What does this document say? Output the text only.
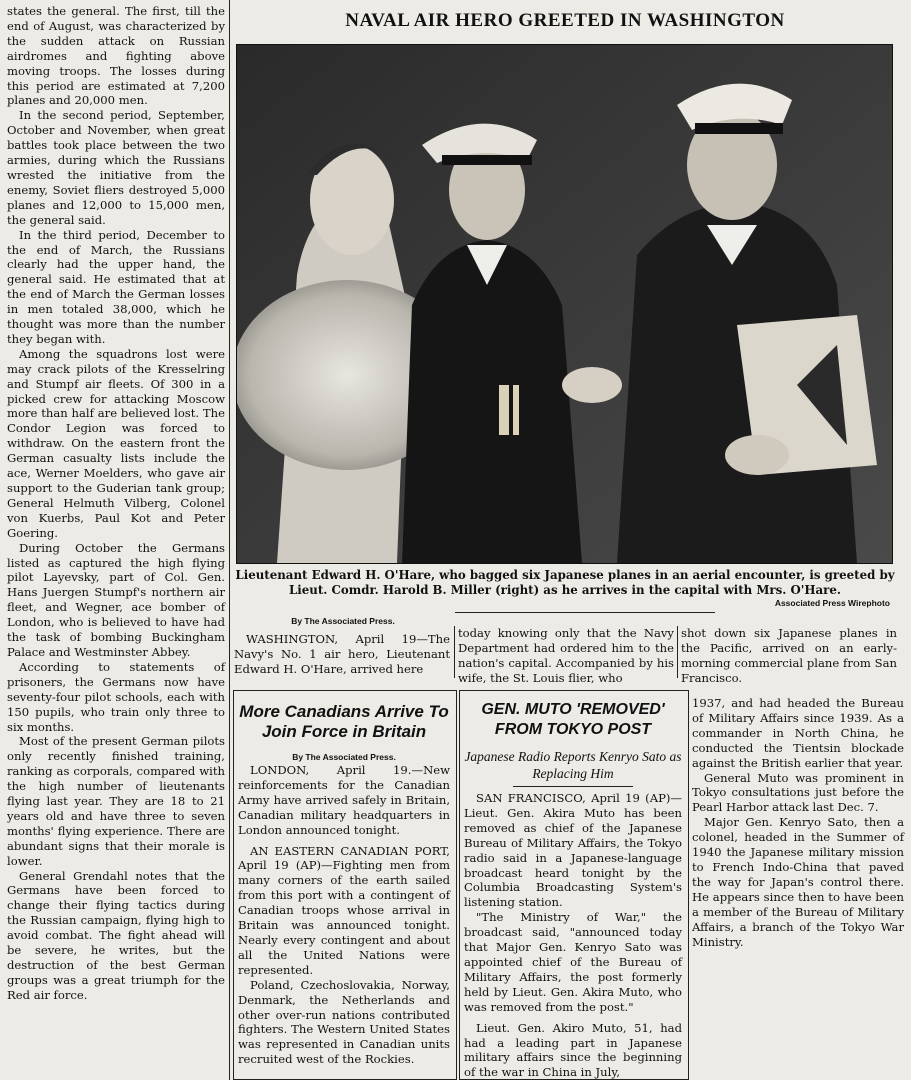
states the general. The first, till the end of August, was characterized by the sudden attack on Russian airdromes and fighting above moving troops. The losses during this period are estimated at 7,200 planes and 20,000 men.

In the second period, September, October and November, when great battles took place between the two armies, during which the Russians wrested the initiative from the enemy, Soviet fliers destroyed 5,000 planes and 12,000 to 15,000 men, the general said.

In the third period, December to the end of March, the Russians clearly had the upper hand, the general said. He estimated that at the end of March the German losses in men totaled 38,000, which he thought was more than the number they began with.

Among the squadrons lost were may crack pilots of the Kresselring and Stumpf air fleets. Of 300 in a picked crew for attacking Moscow more than half are believed lost. The Condor Legion was forced to withdraw. On the eastern front the German casualty lists include the ace, Werner Moelders, who gave air support to the Guderian tank group; General Helmuth Vilberg, Colonel von Kuerbs, Paul Kot and Peter Goering.

During October the Germans listed as captured the high flying pilot Layevsky, part of Col. Gen. Hans Juergen Stumpf's northern air fleet, and Wegner, ace bomber of London, who is believed to have had the task of bombing Buckingham Palace and Westminster Abbey.

According to statements of prisoners, the Germans now have seventy-four pilot schools, each with 150 pupils, who train only three to six months.

Most of the present German pilots only recently finished training, ranking as corporals, compared with the high number of lieutenants flying last year. They are 18 to 21 years old and have three to seven months' flying experience. There are abundant signs that their morale is lower.

General Grendahl notes that the Germans have been forced to change their flying tactics during the Russian campaign, flying high to avoid combat. The fight ahead will be severe, he writes, but the destruction of the best German groups was a great triumph for the Red air force.

NAVAL AIR HERO GREETED IN WASHINGTON
Lieutenant Edward H. O'Hare, who bagged six Japanese planes in an aerial encounter, is greeted by Lieut. Comdr. Harold B. Miller (right) as he arrives in the capital with Mrs. O'Hare.
Associated Press Wirephoto
By The Associated Press.

WASHINGTON, April 19—The Navy's No. 1 air hero, Lieutenant Edward H. O'Hare, arrived here

today knowing only that the Navy Department had ordered him to the nation's capital. Accompanied by his wife, the St. Louis flier, who

shot down six Japanese planes in the Pacific, arrived on an early-morning commercial plane from San Francisco.

More Canadians Arrive To Join Force in Britain
By The Associated Press.

LONDON, April 19.—New reinforcements for the Canadian Army have arrived safely in Britain, Canadian military headquarters in London announced tonight.

AN EASTERN CANADIAN PORT, April 19 (AP)—Fighting men from many corners of the earth sailed from this port with a contingent of Canadian troops whose arrival in Britain was announced tonight. Nearly every contingent and about all the United Nations were represented.

Poland, Czechoslovakia, Norway, Denmark, the Netherlands and other over-run nations contributed fighters. The Western United States was represented in Canadian units recruited west of the Rockies.

GEN. MUTO 'REMOVED' FROM TOKYO POST
Japanese Radio Reports Kenryo Sato as Replacing Him

SAN FRANCISCO, April 19 (AP)—Lieut. Gen. Akira Muto has been removed as chief of the Japanese Bureau of Military Affairs, the Tokyo radio said in a Japanese-language broadcast heard tonight by the Columbia Broadcasting System's listening station.

"The Ministry of War," the broadcast said, "announced today that Major Gen. Kenryo Sato was appointed chief of the Bureau of Military Affairs, the post formerly held by Lieut. Gen. Akira Muto, who was removed from the post."

Lieut. Gen. Akiro Muto, 51, had had a leading part in Japanese military affairs since the beginning of the war in China in July,

1937, and had headed the Bureau of Military Affairs since 1939. As a commander in North China, he conducted the Tientsin blockade against the British earlier that year.

General Muto was prominent in Tokyo consultations just before the Pearl Harbor attack last Dec. 7.

Major Gen. Kenryo Sato, then a colonel, headed in the Summer of 1940 the Japanese military mission to French Indo-China that paved the way for Japan's control there. He appears since then to have been a member of the Bureau of Military Affairs, a branch of the Tokyo War Ministry.
